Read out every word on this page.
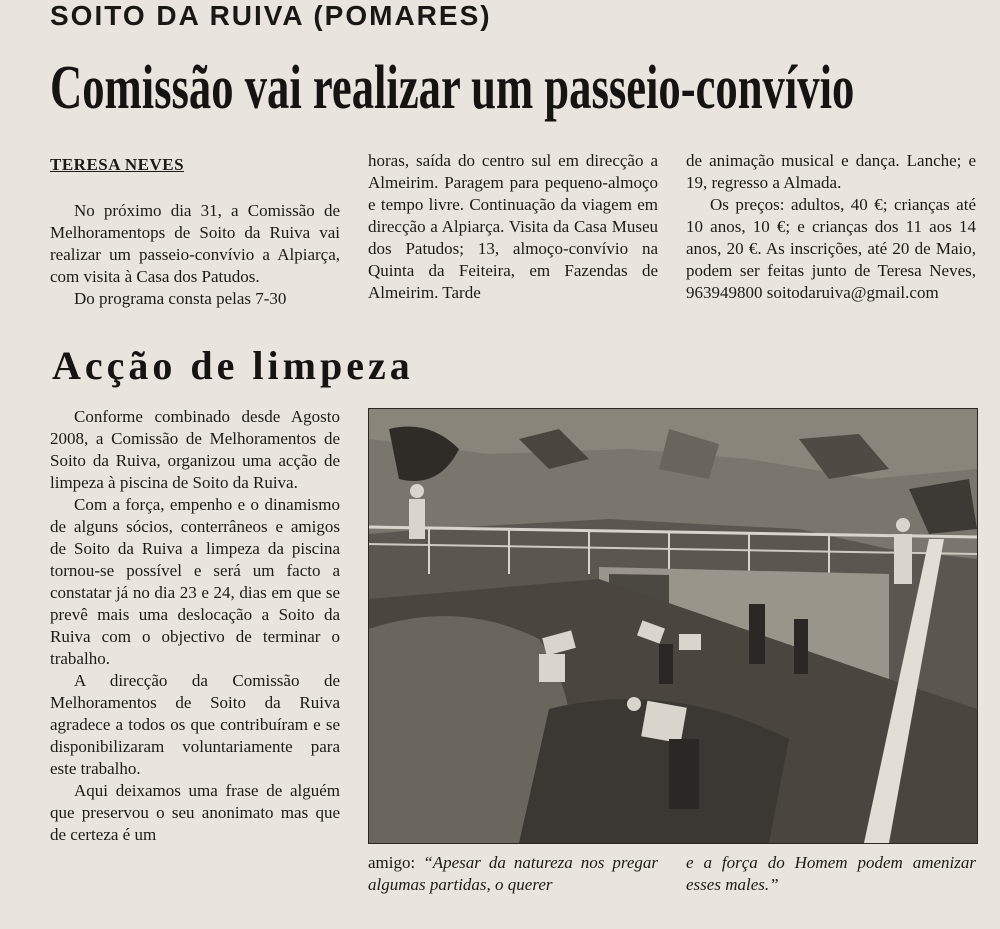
SOITO DA RUIVA (POMARES)
Comissão vai realizar um passeio-convívio
TERESA NEVES

No próximo dia 31, a Comissão de Melhoramentops de Soito da Ruiva vai realizar um passeio-convívio a Alpiarça, com visita à Casa dos Patudos.

Do programa consta pelas 7-30

horas, saída do centro sul em direcção a Almeirim. Paragem para pequeno-almoço e tempo livre. Continuação da viagem em direcção a Alpiarça. Visita da Casa Museu dos Patudos; 13, almoço-convívio na Quinta da Feiteira, em Fazendas de Almeirim. Tarde

de animação musical e dança. Lanche; e 19, regresso a Almada.

Os preços: adultos, 40 €; crianças até 10 anos, 10 €; e crianças dos 11 aos 14 anos, 20 €. As inscrições, até 20 de Maio, podem ser feitas junto de Teresa Neves, 963949800 soitodaruiva@gmail.com

Acção de limpeza

Conforme combinado desde Agosto 2008, a Comissão de Melhoramentos de Soito da Ruiva, organizou uma acção de limpeza à piscina de Soito da Ruiva.

Com a força, empenho e o dinamismo de alguns sócios, conterrâneos e amigos de Soito da Ruiva a limpeza da piscina tornou-se possível e será um facto a constatar já no dia 23 e 24, dias em que se prevê mais uma deslocação a Soito da Ruiva com o objectivo de terminar o trabalho.

A direcção da Comissão de Melhoramentos de Soito da Ruiva agradece a todos os que contribuíram e se disponibilizaram voluntariamente para este trabalho.

Aqui deixamos uma frase de alguém que preservou o seu anonimato mas que de certeza é um

amigo: “Apesar da natureza nos pregar algumas partidas, o querer
e a força do Homem podem amenizar esses males.”
